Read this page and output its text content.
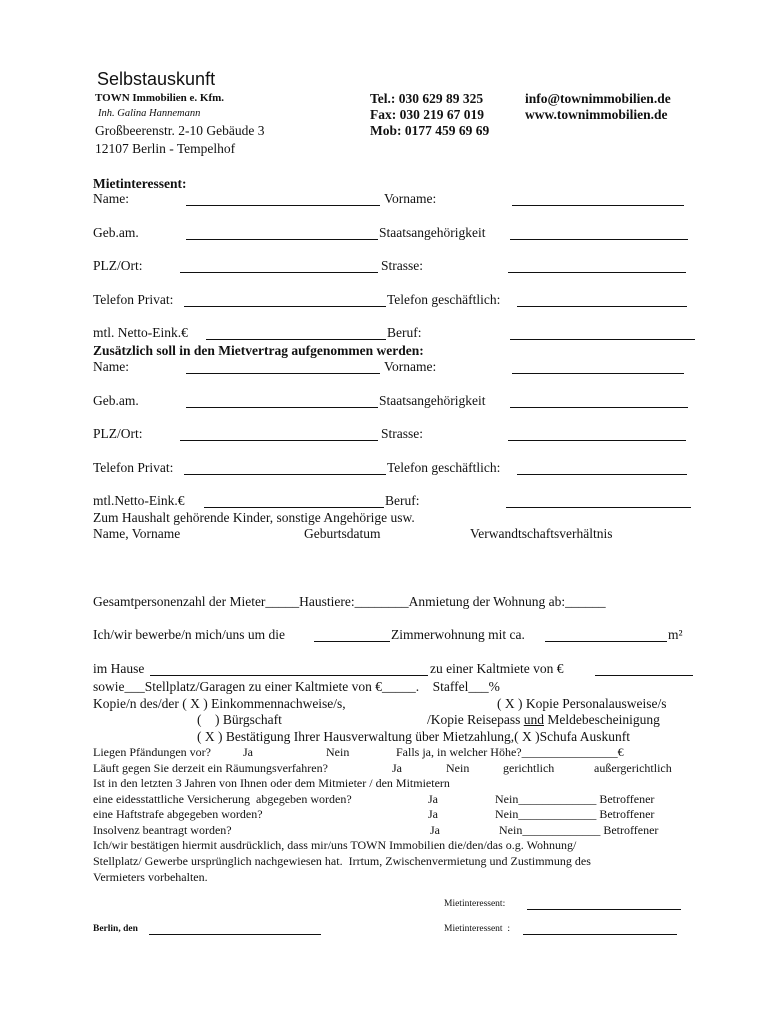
Selbstauskunft
TOWN Immobilien e. Kfm.
Inh. Galina Hannemann
Großbeerenstr. 2-10 Gebäude 3
12107 Berlin - Tempelhof
Tel.: 030 629 89 325
Fax: 030 219 67 019
Mob: 0177 459 69 69
info@townimmobilien.de
www.townimmobilien.de
Mietinteressent:
Name:	Vorname:
Geb.am.	Staatsangehörigkeit
PLZ/Ort:	Strasse:
Telefon Privat:	Telefon geschäftlich:
mtl. Netto-Eink.€	Beruf:
Zusätzlich soll in den Mietvertrag aufgenommen werden:
Name:	Vorname:
Geb.am.	Staatsangehörigkeit
PLZ/Ort:	Strasse:
Telefon Privat:	Telefon geschäftlich:
mtl.Netto-Eink.€	Beruf:
Zum Haushalt gehörende Kinder, sonstige Angehörige usw.
Name, Vorname	Geburtsdatum	Verwandtschaftsverhältnis
Gesamtpersonenzahl der Mieter_____Haustiere:________Anmietung der Wohnung ab:______
Ich/wir bewerbe/n mich/uns um die	Zimmerwohnung mit ca.	m²
im Hause	zu einer Kaltmiete von €
sowie___Stellplatz/Garagen zu einer Kaltmiete von €_____.    Staffel___%
Kopie/n des/der ( X ) Einkommennachweise/s,	( X ) Kopie Personalausweise/s
(    ) Bürgschaft	/Kopie Reisepass und Meldebescheinigung
( X ) Bestätigung Ihrer Hausverwaltung über Mietzahlung,( X )Schufa Auskunft
Liegen Pfändungen vor?	Ja	Nein	Falls ja, in welcher Höhe?________________€
Läuft gegen Sie derzeit ein Räumungsverfahren?	Ja	Nein	gerichtlich	außergerichtlich
Ist in den letzten 3 Jahren von Ihnen oder dem Mitmieter / den Mitmietern
eine eidesstattliche Versicherung  abgegeben worden?	Ja	Nein_____________ Betroffener
eine Haftstrafe abgegeben worden?	Ja	Nein_____________ Betroffener
Insolvenz beantragt worden?	Ja	Nein_____________ Betroffener
Ich/wir bestätigen hiermit ausdrücklich, dass mir/uns TOWN Immobilien die/den/das o.g. Wohnung/
Stellplatz/ Gewerbe ursprünglich nachgewiesen hat.  Irrtum, Zwischenvermietung und Zustimmung des
Vermieters vorbehalten.
Mietinteressent:
Berlin, den	Mietinteressent  :
